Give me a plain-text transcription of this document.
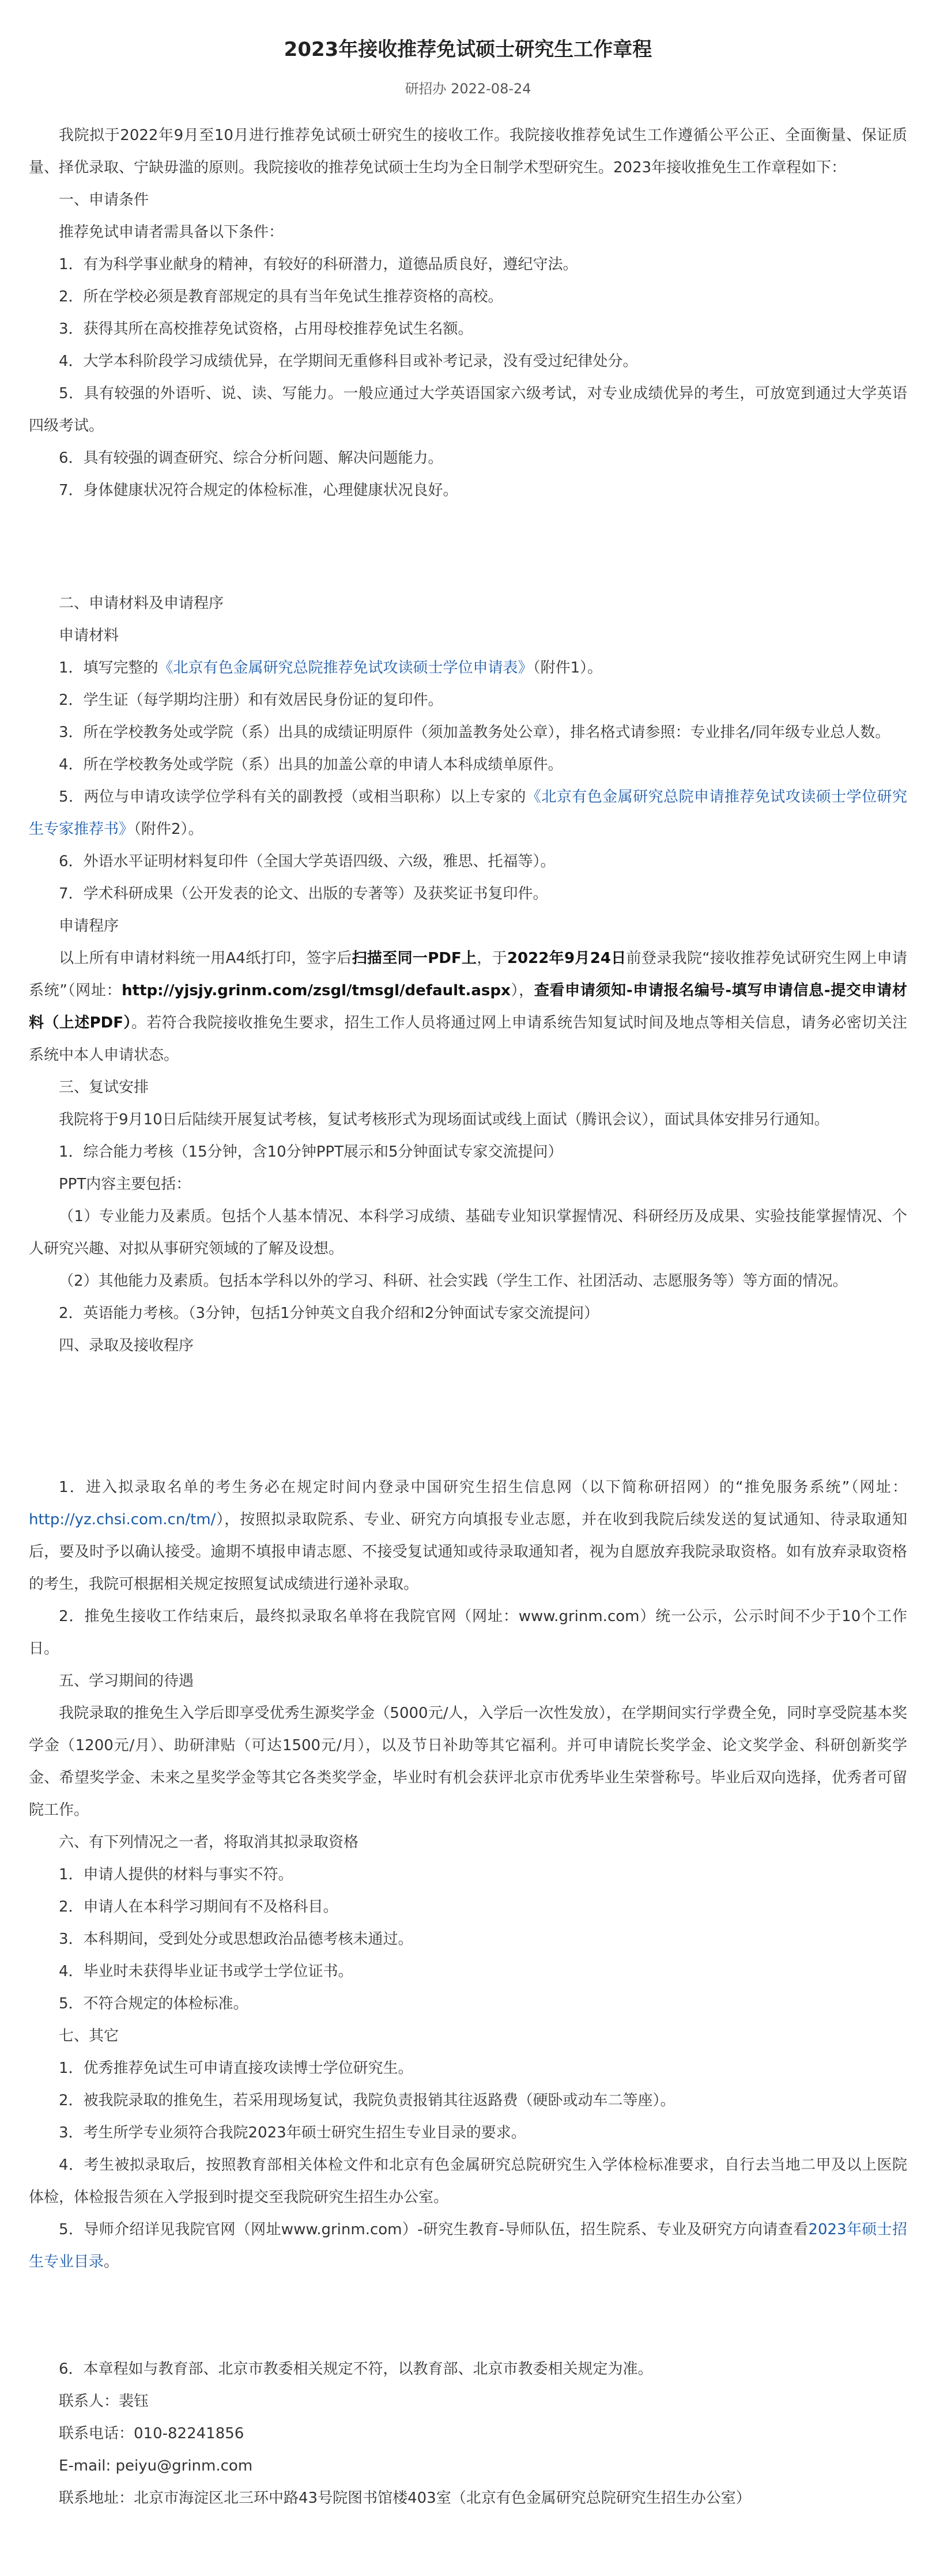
2023年接收推荐免试硕士研究生工作章程
研招办 2022-08-24

我院拟于2022年9月至10月进行推荐免试硕士研究生的接收工作。我院接收推荐免试生工作遵循公平公正、全面衡量、保证质量、择优录取、宁缺毋滥的原则。我院接收的推荐免试硕士生均为全日制学术型研究生。2023年接收推免生工作章程如下：

一、申请条件

推荐免试申请者需具备以下条件：

1．有为科学事业献身的精神，有较好的科研潜力，道德品质良好，遵纪守法。

2．所在学校必须是教育部规定的具有当年免试生推荐资格的高校。

3．获得其所在高校推荐免试资格，占用母校推荐免试生名额。

4．大学本科阶段学习成绩优异，在学期间无重修科目或补考记录，没有受过纪律处分。

5．具有较强的外语听、说、读、写能力。一般应通过大学英语国家六级考试，对专业成绩优异的考生，可放宽到通过大学英语四级考试。

6．具有较强的调查研究、综合分析问题、解决问题能力。

7．身体健康状况符合规定的体检标准，心理健康状况良好。

二、申请材料及申请程序

申请材料

1．填写完整的《北京有色金属研究总院推荐免试攻读硕士学位申请表》（附件1）。

2．学生证（每学期均注册）和有效居民身份证的复印件。

3．所在学校教务处或学院（系）出具的成绩证明原件（须加盖教务处公章），排名格式请参照：专业排名/同年级专业总人数。

4．所在学校教务处或学院（系）出具的加盖公章的申请人本科成绩单原件。

5．两位与申请攻读学位学科有关的副教授（或相当职称）以上专家的《北京有色金属研究总院申请推荐免试攻读硕士学位研究生专家推荐书》（附件2）。

6．外语水平证明材料复印件（全国大学英语四级、六级，雅思、托福等）。

7．学术科研成果（公开发表的论文、出版的专著等）及获奖证书复印件。

申请程序

以上所有申请材料统一用A4纸打印，签字后扫描至同一PDF上，于2022年9月24日前登录我院“接收推荐免试研究生网上申请系统”（网址：http://yjsjy.grinm.com/zsgl/tmsgl/default.aspx），查看申请须知-申请报名编号-填写申请信息-提交申请材料（上述PDF）。若符合我院接收推免生要求，招生工作人员将通过网上申请系统告知复试时间及地点等相关信息，请务必密切关注系统中本人申请状态。

三、复试安排

我院将于9月10日后陆续开展复试考核，复试考核形式为现场面试或线上面试（腾讯会议），面试具体安排另行通知。

1．综合能力考核（15分钟，含10分钟PPT展示和5分钟面试专家交流提问）

PPT内容主要包括：

（1）专业能力及素质。包括个人基本情况、本科学习成绩、基础专业知识掌握情况、科研经历及成果、实验技能掌握情况、个人研究兴趣、对拟从事研究领域的了解及设想。

（2）其他能力及素质。包括本学科以外的学习、科研、社会实践（学生工作、社团活动、志愿服务等）等方面的情况。

2．英语能力考核。（3分钟，包括1分钟英文自我介绍和2分钟面试专家交流提问）

四、录取及接收程序

1．进入拟录取名单的考生务必在规定时间内登录中国研究生招生信息网（以下简称研招网）的“推免服务系统”（网址：http://yz.chsi.com.cn/tm/），按照拟录取院系、专业、研究方向填报专业志愿，并在收到我院后续发送的复试通知、待录取通知后，要及时予以确认接受。逾期不填报申请志愿、不接受复试通知或待录取通知者，视为自愿放弃我院录取资格。如有放弃录取资格的考生，我院可根据相关规定按照复试成绩进行递补录取。

2．推免生接收工作结束后，最终拟录取名单将在我院官网（网址：www.grinm.com）统一公示，公示时间不少于10个工作日。

五、学习期间的待遇

我院录取的推免生入学后即享受优秀生源奖学金（5000元/人，入学后一次性发放），在学期间实行学费全免，同时享受院基本奖学金（1200元/月）、助研津贴（可达1500元/月），以及节日补助等其它福利。并可申请院长奖学金、论文奖学金、科研创新奖学金、希望奖学金、未来之星奖学金等其它各类奖学金，毕业时有机会获评北京市优秀毕业生荣誉称号。毕业后双向选择，优秀者可留院工作。

六、有下列情况之一者，将取消其拟录取资格

1．申请人提供的材料与事实不符。

2．申请人在本科学习期间有不及格科目。

3．本科期间，受到处分或思想政治品德考核未通过。

4．毕业时未获得毕业证书或学士学位证书。

5．不符合规定的体检标准。

七、其它

1．优秀推荐免试生可申请直接攻读博士学位研究生。

2．被我院录取的推免生，若采用现场复试，我院负责报销其往返路费（硬卧或动车二等座）。

3．考生所学专业须符合我院2023年硕士研究生招生专业目录的要求。

4．考生被拟录取后，按照教育部相关体检文件和北京有色金属研究总院研究生入学体检标准要求，自行去当地二甲及以上医院体检，体检报告须在入学报到时提交至我院研究生招生办公室。

5．导师介绍详见我院官网（网址www.grinm.com）-研究生教育-导师队伍，招生院系、专业及研究方向请查看2023年硕士招生专业目录。

6．本章程如与教育部、北京市教委相关规定不符，以教育部、北京市教委相关规定为准。

联系人：裴钰

联系电话：010-82241856

E-mail: peiyu@grinm.com

联系地址：北京市海淀区北三环中路43号院图书馆楼403室（北京有色金属研究总院研究生招生办公室）
